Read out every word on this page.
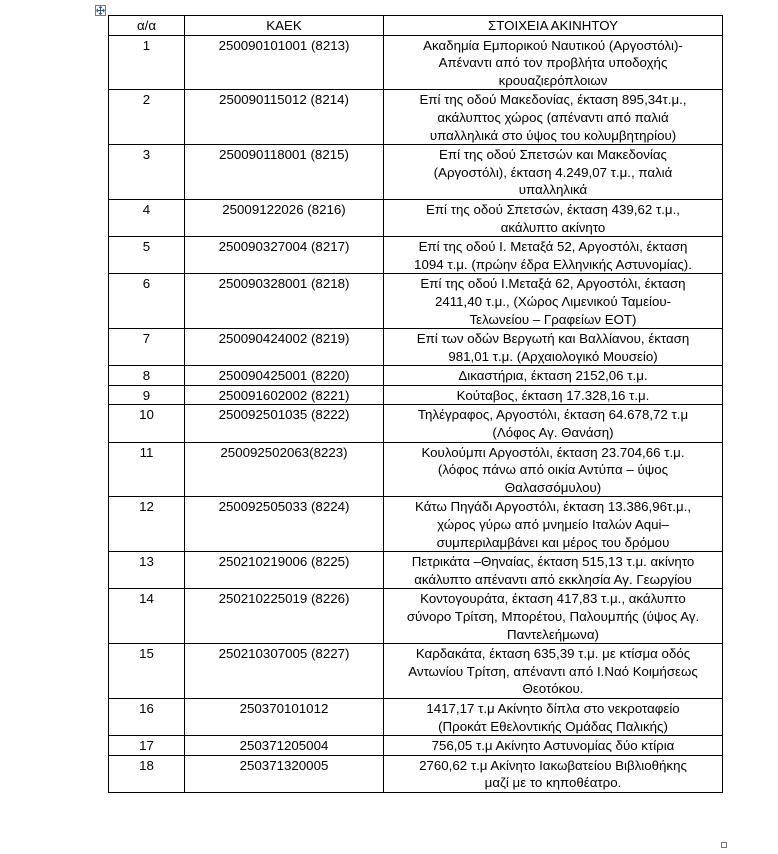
α/α	ΚΑΕΚ	ΣΤΟΙΧΕΙΑ ΑΚΙΝΗΤΟΥ
1	250090101001 (8213)	Ακαδημία Εμπορικού Ναυτικού (Αργοστόλι)-
Απέναντι από τον προβλήτα υποδοχής
κρουαζιερόπλοιων

2	250090115012 (8214)	Επί της οδού Μακεδονίας, έκταση 895,34τ.μ.,
ακάλυπτος χώρος (απέναντι από παλιά
υπαλληλικά στο ύψος του κολυμβητηρίου)

3	250090118001 (8215)	Επί της οδού Σπετσών και Μακεδονίας
(Αργοστόλι), έκταση 4.249,07 τ.μ., παλιά
υπαλληλικά

4	25009122026 (8216)	Επί της οδού Σπετσών, έκταση 439,62 τ.μ.,
ακάλυπτο ακίνητο

5	250090327004 (8217)	Επί της οδού Ι. Μεταξά 52, Αργοστόλι, έκταση
1094 τ.μ. (πρώην έδρα Ελληνικής Αστυνομίας).

6	250090328001 (8218)	Επί της οδού Ι.Μεταξά 62, Αργοστόλι, έκταση
2411,40 τ.μ., (Χώρος Λιμενικού Ταμείου-
Τελωνείου – Γραφείων ΕΟΤ)

7	250090424002 (8219)	Επί των οδών Βεργωτή και Βαλλίανου, έκταση
981,01 τ.μ. (Αρχαιολογικό Μουσείο)

8	250090425001 (8220)	Δικαστήρια, έκταση 2152,06 τ.μ.

9	250091602002 (8221)	Κούταβος, έκταση 17.328,16 τ.μ.

10	250092501035 (8222)	Τηλέγραφος, Αργοστόλι, έκταση 64.678,72 τ.μ
(Λόφος Αγ. Θανάση)

11	250092502063(8223)	Κουλούμπι Αργοστόλι, έκταση 23.704,66 τ.μ.
(λόφος πάνω από οικία Αντύπα – ύψος
Θαλασσόμυλου)

12	250092505033 (8224)	Κάτω Πηγάδι Αργοστόλι, έκταση 13.386,96τ.μ.,
χώρος γύρω από μνημείο Ιταλών Αqui–
συμπεριλαμβάνει και μέρος του δρόμου

13	250210219006 (8225)	Πετρικάτα –Θηναίας, έκταση 515,13 τ.μ. ακίνητο
ακάλυπτο απέναντι από εκκλησία Αγ. Γεωργίου

14	250210225019 (8226)	Κοντογουράτα, έκταση 417,83 τ.μ., ακάλυπτο
σύνορο Τρίτση, Μπορέτου, Παλουμπής (ύψος Αγ.
Παντελεήμωνα)

15	250210307005 (8227)	Καρδακάτα, έκταση 635,39 τ.μ. με κτίσμα οδός
Αντωνίου Τρίτση, απέναντι από Ι.Ναό Κοιμήσεως
Θεοτόκου.

16	250370101012	1417,17 τ.μ Ακίνητο δίπλα στο νεκροταφείο
(Προκάτ Εθελοντικής Ομάδας Παλικής)

17	250371205004	756,05 τ.μ Ακίνητο Αστυνομίας δύο κτίρια

18	250371320005	2760,62 τ.μ Ακίνητο Ιακωβατείου Βιβλιοθήκης
μαζί με το κηποθέατρο.
